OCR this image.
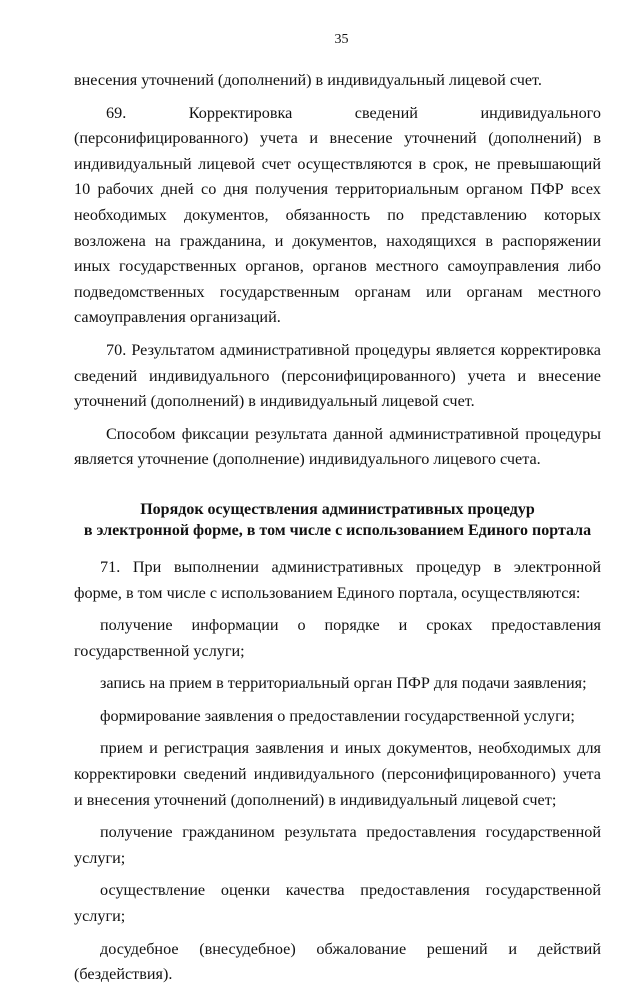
35

внесения уточнений (дополнений) в индивидуальный лицевой счет.

69. Корректировка сведений индивидуального (персонифицированного) учета и внесение уточнений (дополнений) в индивидуальный лицевой счет осуществляются в срок, не превышающий 10 рабочих дней со дня получения территориальным органом ПФР всех необходимых документов, обязанность по представлению которых возложена на гражданина, и документов, находящихся в распоряжении иных государственных органов, органов местного самоуправления либо подведомственных государственным органам или органам местного самоуправления организаций.

70. Результатом административной процедуры является корректировка сведений индивидуального (персонифицированного) учета и внесение уточнений (дополнений) в индивидуальный лицевой счет.

Способом фиксации результата данной административной процедуры является уточнение (дополнение) индивидуального лицевого счета.

Порядок осуществления административных процедур
в электронной форме, в том числе с использованием Единого портала

71. При выполнении административных процедур в электронной форме, в том числе с использованием Единого портала, осуществляются:

получение информации о порядке и сроках предоставления государственной услуги;

запись на прием в территориальный орган ПФР для подачи заявления;

формирование заявления о предоставлении государственной услуги;

прием и регистрация заявления и иных документов, необходимых для корректировки сведений индивидуального (персонифицированного) учета и внесения уточнений (дополнений) в индивидуальный лицевой счет;

получение гражданином результата предоставления государственной услуги;

осуществление оценки качества предоставления государственной услуги;

досудебное (внесудебное) обжалование решений и действий (бездействия).
